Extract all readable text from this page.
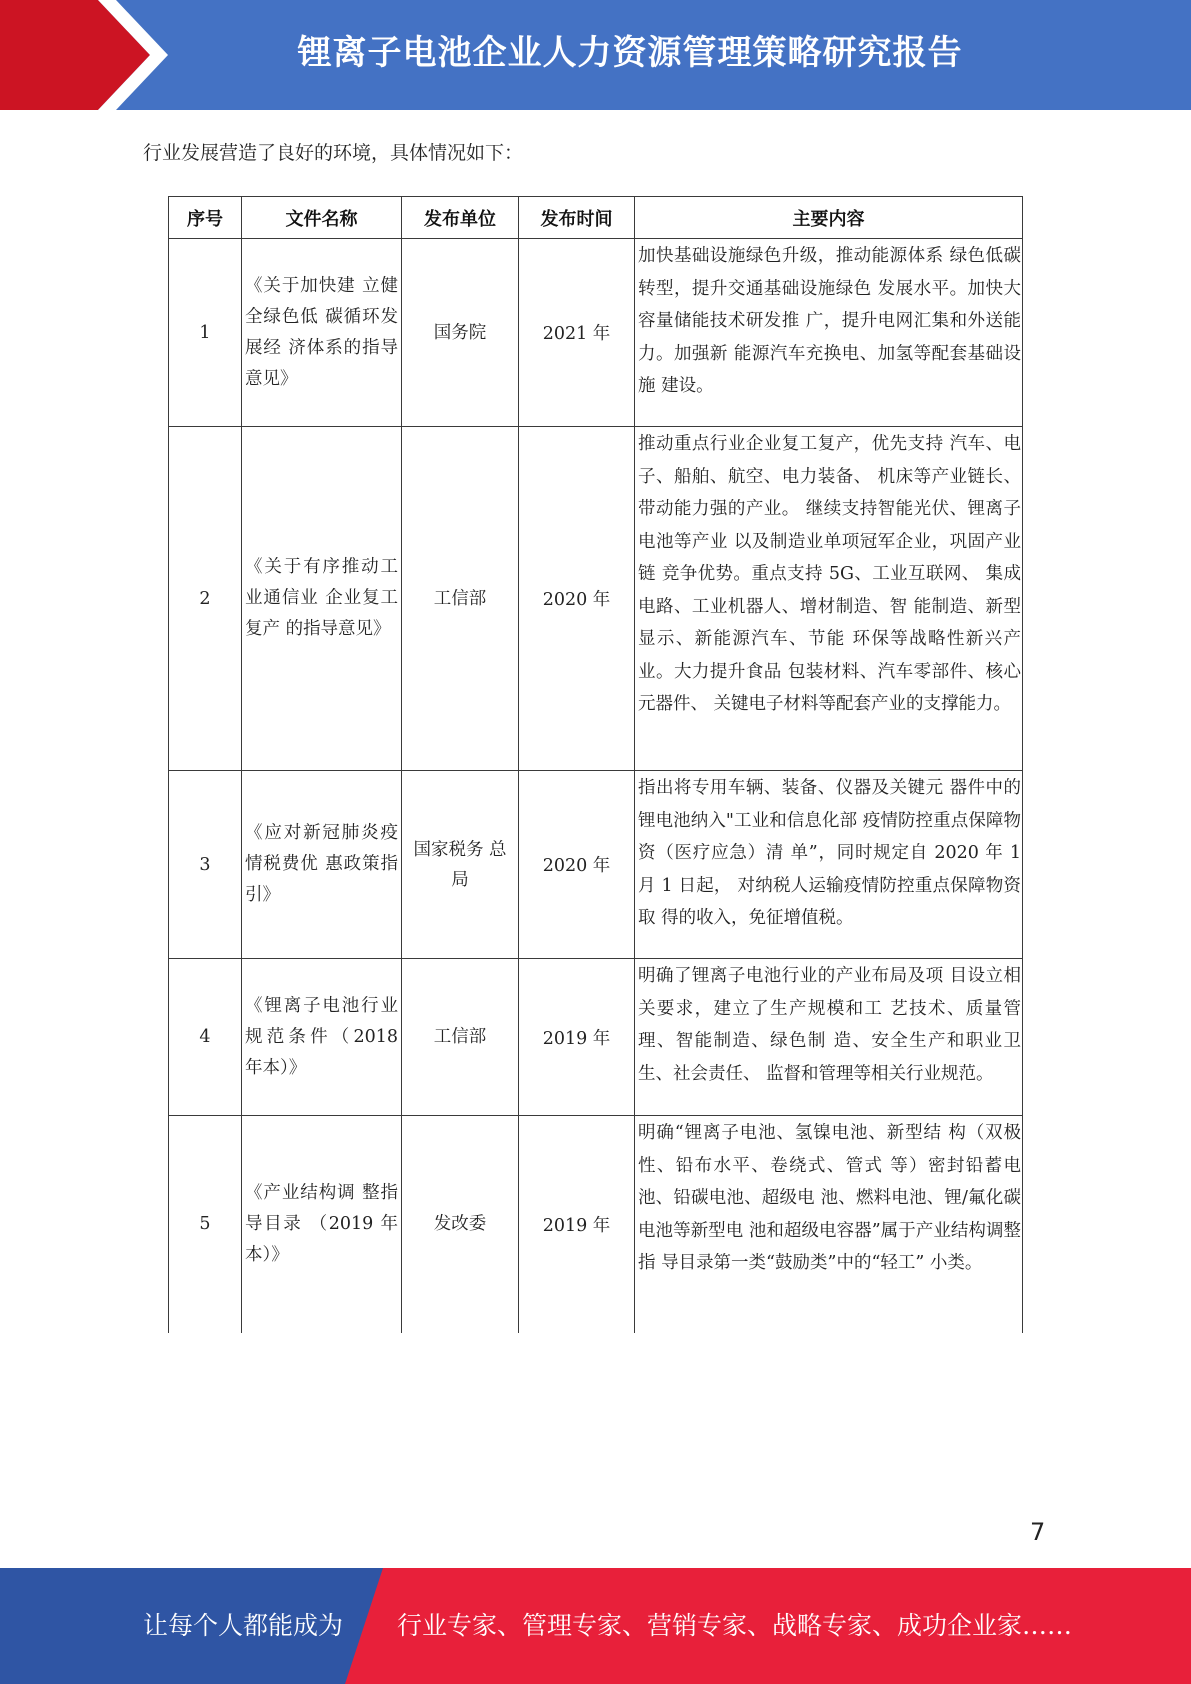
锂离子电池企业人力资源管理策略研究报告
行业发展营造了良好的环境，具体情况如下：
序号	文件名称	发布单位	发布时间	主要内容
1	《关于加快建 立健全绿色低 碳循环发展经 济体系的指导 意见》	国务院	2021 年	加快基础设施绿色升级，推动能源体系 绿色低碳转型，提升交通基础设施绿色 发展水平。加快大容量储能技术研发推 广，提升电网汇集和外送能力。加强新 能源汽车充换电、加氢等配套基础设施 建设。
2	《关于有序推动工业通信业 企业复工复产 的指导意见》	工信部	2020 年	推动重点行业企业复工复产，优先支持 汽车、电子、船舶、航空、电力装备、 机床等产业链长、带动能力强的产业。 继续支持智能光伏、锂离子电池等产业 以及制造业单项冠军企业，巩固产业链 竞争优势。重点支持 5G、工业互联网、 集成电路、工业机器人、增材制造、智 能制造、新型显示、新能源汽车、节能 环保等战略性新兴产业。大力提升食品 包装材料、汽车零部件、核心元器件、 关键电子材料等配套产业的支撑能力。
3	《应对新冠肺炎疫情税费优 惠政策指引》	国家税务 总局	2020 年	指出将专用车辆、装备、仪器及关键元 器件中的锂电池纳入"工业和信息化部 疫情防控重点保障物资（医疗应急）清 单”，同时规定自 2020 年 1 月 1 日起， 对纳税人运输疫情防控重点保障物资取 得的收入，免征增值税。
4	《锂离子电池行业规范条件（2018 年本）》	工信部	2019 年	明确了锂离子电池行业的产业布局及项 目设立相关要求，建立了生产规模和工 艺技术、质量管理、智能制造、绿色制 造、安全生产和职业卫生、社会责任、 监督和管理等相关行业规范。
5	《产业结构调 整指导目录 （2019 年本）》	发改委	2019 年	明确“锂离子电池、氢镍电池、新型结 构（双极性、铅布水平、卷绕式、管式 等）密封铅蓄电池、铅碳电池、超级电 池、燃料电池、锂/氟化碳电池等新型电 池和超级电容器”属于产业结构调整指 导目录第一类“鼓励类”中的“轻工” 小类。
7
让每个人都能成为 行业专家、管理专家、营销专家、战略专家、成功企业家……
